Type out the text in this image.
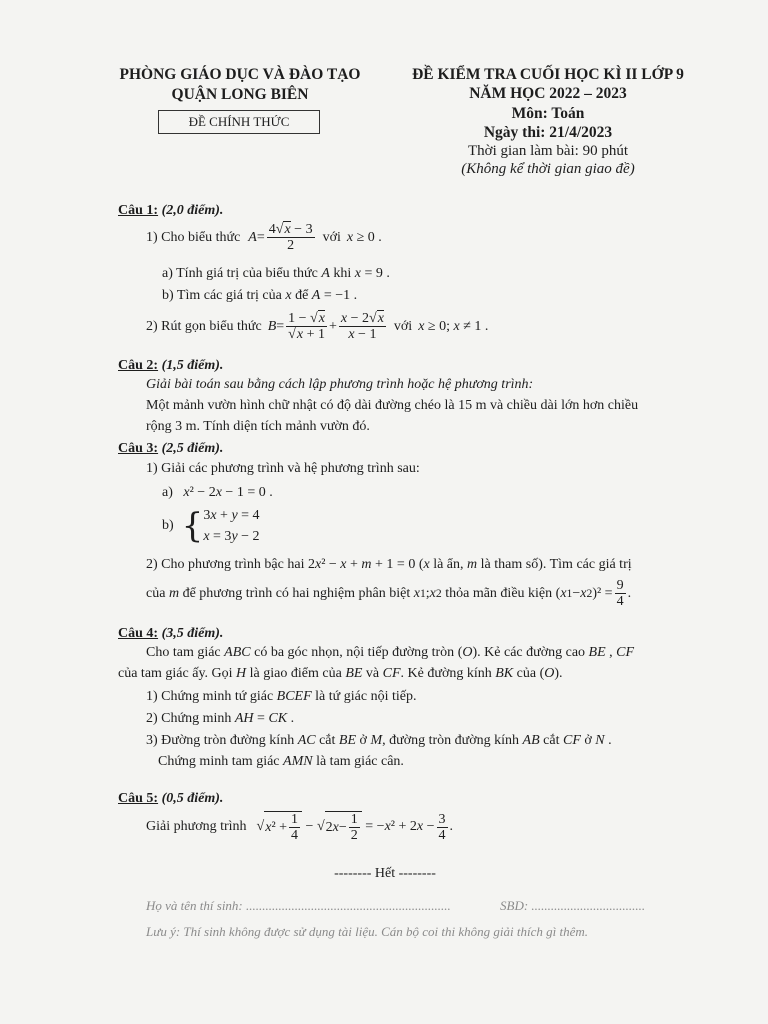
PHÒNG GIÁO DỤC VÀ ĐÀO TẠO
QUẬN LONG BIÊN
ĐỀ CHÍNH THỨC
ĐỀ KIỂM TRA CUỐI HỌC KÌ II LỚP 9
NĂM HỌC 2022 – 2023
Môn: Toán
Ngày thi: 21/4/2023
Thời gian làm bài: 90 phút
(Không kể thời gian giao đề)
Câu 1: (2,0 điểm).
1) Cho biểu thức $A = \frac{4√x - 3}{2}$ với x ≥ 0 .
a) Tính giá trị của biểu thức A khi x = 9 .
b) Tìm các giá trị của x để A = −1 .
2) Rút gọn biểu thức $B = \frac{1 - √x}{√x + 1} + \frac{x - 2√x}{x - 1}$ với x ≥ 0; x ≠ 1 .
Câu 2: (1,5 điểm).
Giải bài toán sau bằng cách lập phương trình hoặc hệ phương trình:
Một mảnh vườn hình chữ nhật có độ dài đường chéo là 15 m và chiều dài lớn hơn chiều
rộng 3 m. Tính diện tích mảnh vườn đó.
Câu 3: (2,5 điểm).
1) Giải các phương trình và hệ phương trình sau:
a) x² − 2x − 1 = 0 .
b) { 3x + y = 4
x = 3y − 2
2) Cho phương trình bậc hai 2x² − x + m + 1 = 0 (x là ẩn, m là tham số). Tìm các giá trị
của
m
để phương trình có hai nghiệm phân biệt
x 1 ; x 2
thỏa mãn điều kiện ( x 1 − x 2 )$^2 = \frac{9}{4}$ .
Câu 4: (3,5 điểm).
Cho tam giác ABC có ba góc nhọn, nội tiếp đường tròn (O). Kẻ các đường cao BE , CF
của tam giác ấy. Gọi H là giao điểm của BE và CF. Kẻ đường kính BK của (O).
1) Chứng minh tứ giác BCEF là tứ giác nội tiếp.
2) Chứng minh AH = CK .
3) Đường tròn đường kính AC cắt BE ở M, đường tròn đường kính AB cắt CF ở N .
Chứng minh tam giác AMN là tam giác cân.
Câu 5: (0,5 điểm).
Giải phương trình √ x $^2 + \frac{1}{4}$ − √ 2 $x - \frac{1}{2} = -x^2 + 2x - \frac{3}{4}$ .
-------- Hết --------
Họ và tên thí sinh: ...............................................................	SBD: ...................................
Lưu ý: Thí sinh không được sử dụng tài liệu. Cán bộ coi thi không giải thích gì thêm.
